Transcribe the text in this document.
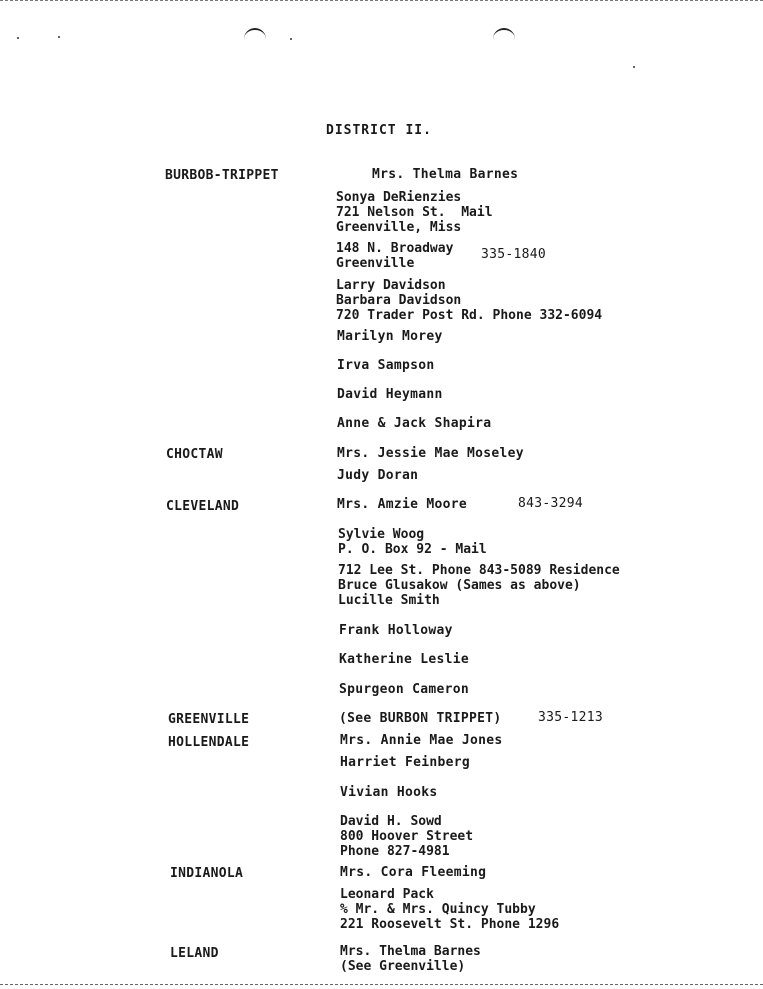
DISTRICT II.
BURBOB-TRIPPET
CHOCTAW
CLEVELAND
GREENVILLE
HOLLENDALE
INDIANOLA
LELAND
Mrs. Thelma Barnes
Sonya DeRienzies
721 Nelson St.  Mail
Greenville, Miss
148 N. Broadway
Greenville
335-1840
Larry Davidson
Barbara Davidson
720 Trader Post Rd. Phone 332-6094
Marilyn Morey
Irva Sampson
David Heymann
Anne & Jack Shapira
Mrs. Jessie Mae Moseley
Judy Doran
Mrs. Amzie Moore	843-3294
Sylvie Woog
P. O. Box 92 - Mail
712 Lee St. Phone 843-5089 Residence
Bruce Glusakow (Sames as above)
Lucille Smith
Frank Holloway
Katherine Leslie
Spurgeon Cameron
(See BURBON TRIPPET)	335-1213
Mrs. Annie Mae Jones
Harriet Feinberg
Vivian Hooks
David H. Sowd
800 Hoover Street
Phone 827-4981
Mrs. Cora Fleeming
Leonard Pack
% Mr. & Mrs. Quincy Tubby
221 Roosevelt St. Phone 1296
Mrs. Thelma Barnes
(See Greenville)
